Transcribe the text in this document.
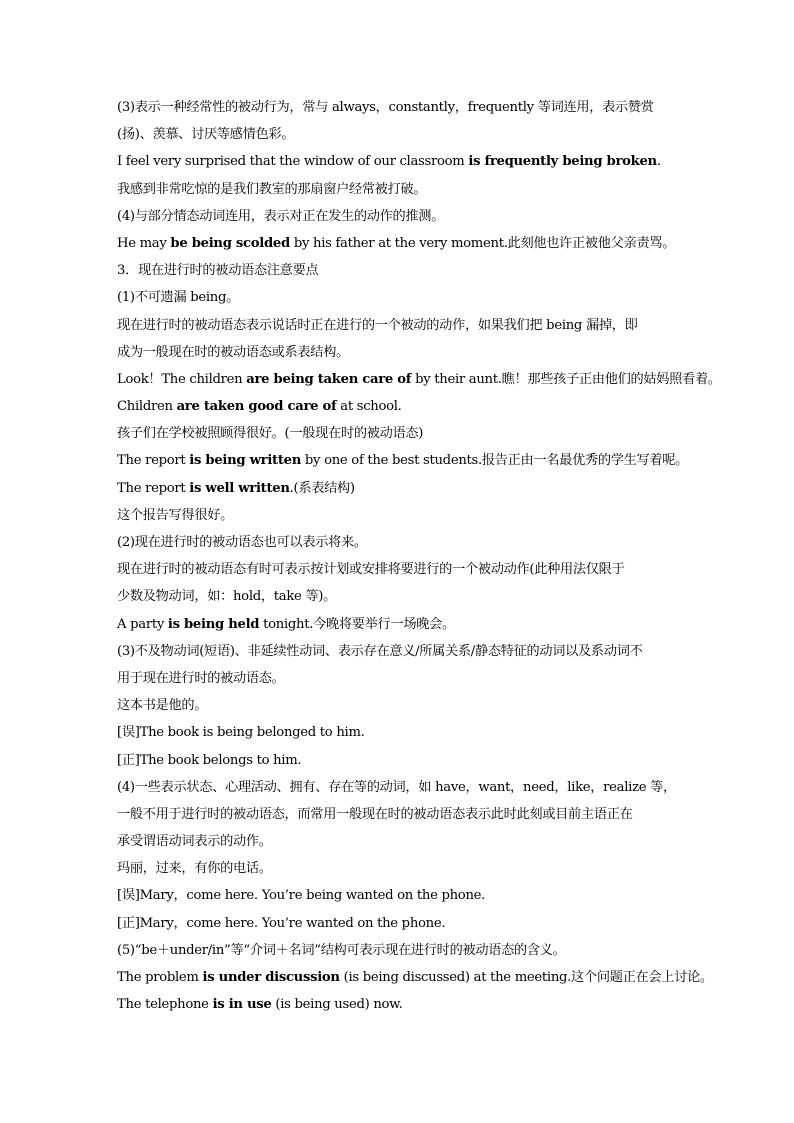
(3)表示一种经常性的被动行为，常与 always，constantly，frequently 等词连用，表示赞赏
(扬)、羡慕、讨厌等感情色彩。
I feel very surprised that the window of our classroom is frequently being broken.
我感到非常吃惊的是我们教室的那扇窗户经常被打破。
(4)与部分情态动词连用，表示对正在发生的动作的推测。
He may be being scolded by his father at the very moment.此刻他也许正被他父亲责骂。
3．现在进行时的被动语态注意要点
(1)不可遗漏 being。
现在进行时的被动语态表示说话时正在进行的一个被动的动作，如果我们把 being 漏掉，即
成为一般现在时的被动语态或系表结构。
Look！The children are being taken care of by their aunt.瞧！那些孩子正由他们的姑妈照看着。
Children are taken good care of at school.
孩子们在学校被照顾得很好。(一般现在时的被动语态)
The report is being written by one of the best students.报告正由一名最优秀的学生写着呢。
The report is well written.(系表结构)
这个报告写得很好。
(2)现在进行时的被动语态也可以表示将来。
现在进行时的被动语态有时可表示按计划或安排将要进行的一个被动动作(此种用法仅限于
少数及物动词，如：hold，take 等)。
A party is being held tonight.今晚将要举行一场晚会。
(3)不及物动词(短语)、非延续性动词、表示存在意义/所属关系/静态特征的动词以及系动词不
用于现在进行时的被动语态。
这本书是他的。
[误]The book is being belonged to him.
[正]The book belongs to him.
(4)一些表示状态、心理活动、拥有、存在等的动词，如 have，want，need，like，realize 等，
一般不用于进行时的被动语态，而常用一般现在时的被动语态表示此时此刻或目前主语正在
承受谓语动词表示的动作。
玛丽，过来，有你的电话。
[误]Mary，come here. You’re being wanted on the phone.
[正]Mary，come here. You’re wanted on the phone.
(5)“be＋under/in”等“介词＋名词”结构可表示现在进行时的被动语态的含义。
The problem is under discussion (is being discussed) at the meeting.这个问题正在会上讨论。
The telephone is in use (is being used) now.
